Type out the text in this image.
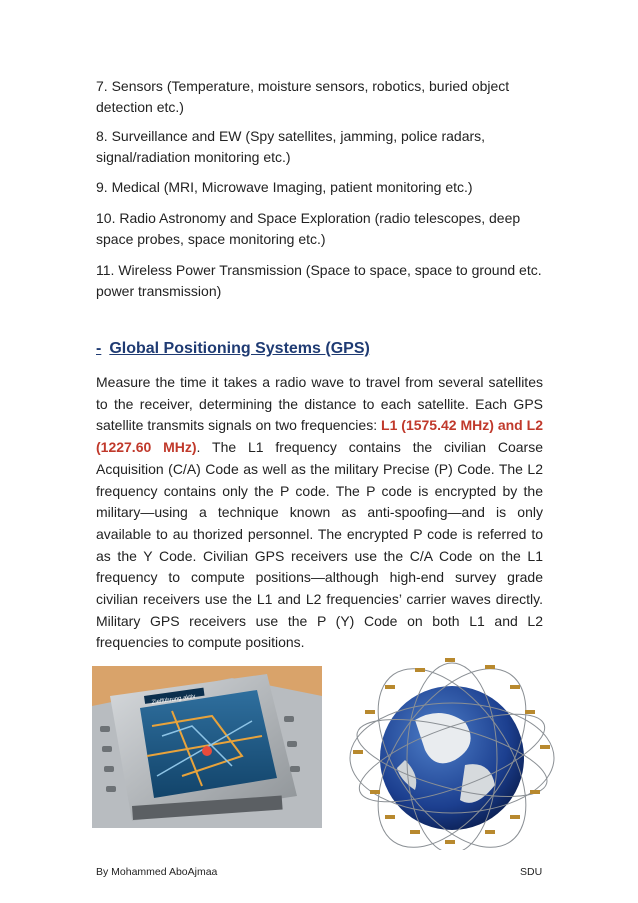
7. Sensors (Temperature, moisture sensors, robotics, buried object detection etc.)
8. Surveillance and EW (Spy satellites, jamming, police radars, signal/radiation monitoring etc.)
9. Medical (MRI, Microwave Imaging, patient monitoring etc.)
10. Radio Astronomy and Space Exploration (radio telescopes, deep space probes, space monitoring etc.)
11. Wireless Power Transmission (Space to space, space to ground etc. power transmission)
- Global Positioning Systems (GPS)
Measure the time it takes a radio wave to travel from several satellites to the receiver, determining the distance to each satellite. Each GPS satellite transmits signals on two frequencies: L1 (1575.42 MHz) and L2 (1227.60 MHz). The L1 frequency contains the civilian Coarse Acquisition (C/A) Code as well as the military Precise (P) Code. The L2 frequency contains only the P code. The P code is encrypted by the military—using a technique known as anti-spoofing—and is only available to au thorized personnel. The encrypted P code is referred to as the Y Code. Civilian GPS receivers use the C/A Code on the L1 frequency to compute positions—although high-end survey grade civilian receivers use the L1 and L2 frequencies’ carrier waves directly. Military GPS receivers use the P (Y) Code on both L1 and L2 frequencies to compute positions.
Zielführung aktiv
By Mohammed AboAjmaa	SDU
